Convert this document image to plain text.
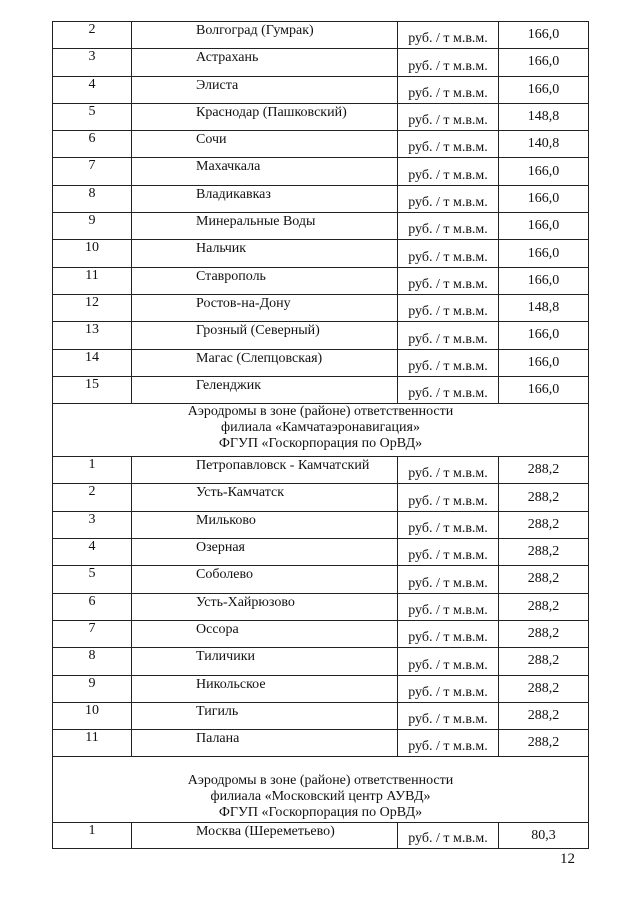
2	Волгоград (Гумрак)	руб. / т м.в.м.	166,0
3	Астрахань	руб. / т м.в.м.	166,0
4	Элиста	руб. / т м.в.м.	166,0
5	Краснодар (Пашковский)	руб. / т м.в.м.	148,8
6	Сочи	руб. / т м.в.м.	140,8
7	Махачкала	руб. / т м.в.м.	166,0
8	Владикавказ	руб. / т м.в.м.	166,0
9	Минеральные Воды	руб. / т м.в.м.	166,0
10	Нальчик	руб. / т м.в.м.	166,0
11	Ставрополь	руб. / т м.в.м.	166,0
12	Ростов-на-Дону	руб. / т м.в.м.	148,8
13	Грозный (Северный)	руб. / т м.в.м.	166,0
14	Магас (Слепцовская)	руб. / т м.в.м.	166,0
15	Геленджик	руб. / т м.в.м.	166,0

Аэродромы в зоне (районе) ответственности
филиала «Камчатаэронавигация»
ФГУП «Госкорпорация по ОрВД»			

1	Петропавловск - Камчатский	руб. / т м.в.м.	288,2
2	Усть-Камчатск	руб. / т м.в.м.	288,2
3	Мильково	руб. / т м.в.м.	288,2
4	Озерная	руб. / т м.в.м.	288,2
5	Соболево	руб. / т м.в.м.	288,2
6	Усть-Хайрюзово	руб. / т м.в.м.	288,2
7	Оссора	руб. / т м.в.м.	288,2
8	Тиличики	руб. / т м.в.м.	288,2
9	Никольское	руб. / т м.в.м.	288,2
10	Тигиль	руб. / т м.в.м.	288,2
11	Палана	руб. / т м.в.м.	288,2

Аэродромы в зоне (районе) ответственности
филиала «Московский центр АУВД»
ФГУП «Госкорпорация по ОрВД»			

1	Москва (Шереметьево)	руб. / т м.в.м.	80,3
12
